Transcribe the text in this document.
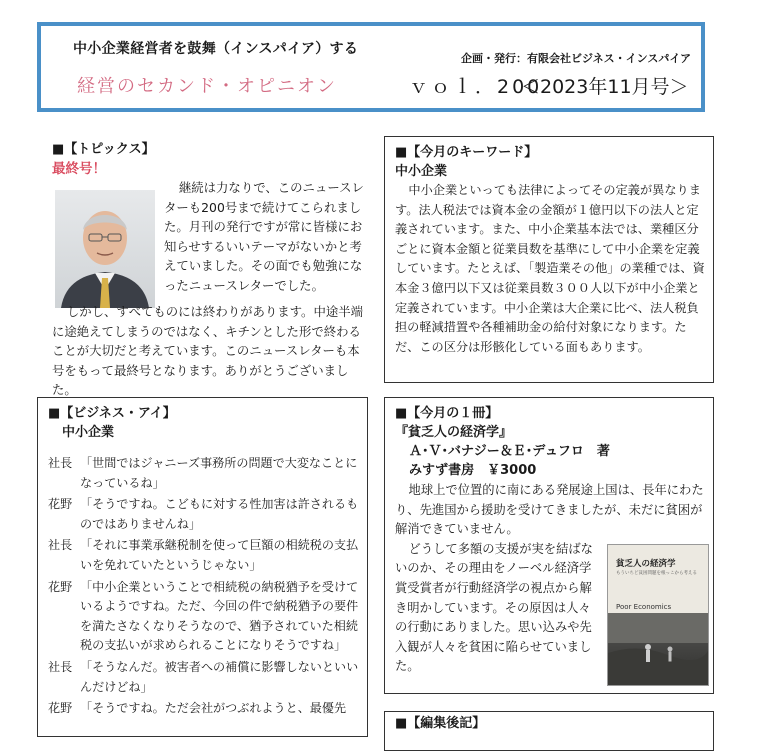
中小企業経営者を鼓舞（インスパイア）する
企画・発行：有限会社ビジネス・インスパイア
経営のセカンド・オピニオン	ｖｏｌ．200
＜2023年11月号＞
■【トピックス】
最終号！
継続は力なりで、このニュースレターも200号まで続けてこられました。月刊の発行ですが常に皆様にお知らせするいいテーマがないかと考えていました。その面でも勉強になったニュースレターでした。
しかし、すべてものには終わりがあります。中途半端に途絶えてしまうのではなく、キチンとした形で終わることが大切だと考えています。このニュースレターも本号をもって最終号となります。ありがとうございました。
■【今月のキーワード】
中小企業
中小企業といっても法律によってその定義が異なります。法人税法では資本金の金額が１億円以下の法人と定義されています。また、中小企業基本法では、業種区分ごとに資本金額と従業員数を基準にして中小企業を定義しています。たとえば、「製造業その他」の業種では、資本金３億円以下又は従業員数３００人以下が中小企業と定義されています。中小企業は大企業に比べ、法人税負担の軽減措置や各種補助金の給付対象になります。ただ、この区分は形骸化している面もあります。
■【ビジネス・アイ】
中小企業
社長 「世間ではジャニーズ事務所の問題で大変なことになっているね」
花野 「そうですね。こどもに対する性加害は許されるものではありませんね」
社長 「それに事業承継税制を使って巨額の相続税の支払いを免れていたというじゃない」
花野 「中小企業ということで相続税の納税猶予を受けているようですね。ただ、今回の件で納税猶予の要件を満たさなくなりそうなので、猶予されていた相続税の支払いが求められることになりそうですね」
社長 「そうなんだ。被害者への補償に影響しないといいんだけどね」
花野 「そうですね。ただ会社がつぶれようと、最優先
■【今月の１冊】
『貧乏人の経済学』
Ａ･Ｖ･バナジー＆Ｅ･デュフロ　著
みすず書房　￥3000
地球上で位置的に南にある発展途上国は、長年にわたり、先進国から援助を受けてきましたが、未だに貧困が解消できていません。
どうして多額の支援が実を結ばないのか、その理由をノーベル経済学賞受賞者が行動経済学の視点から解き明かしています。その原因は人々の行動にありました。思い込みや先入観が人々を貧困に陥らせていました。
貧乏人の経済学
もういちど貧困問題を根っこから考える
Poor Economics
■【編集後記】
